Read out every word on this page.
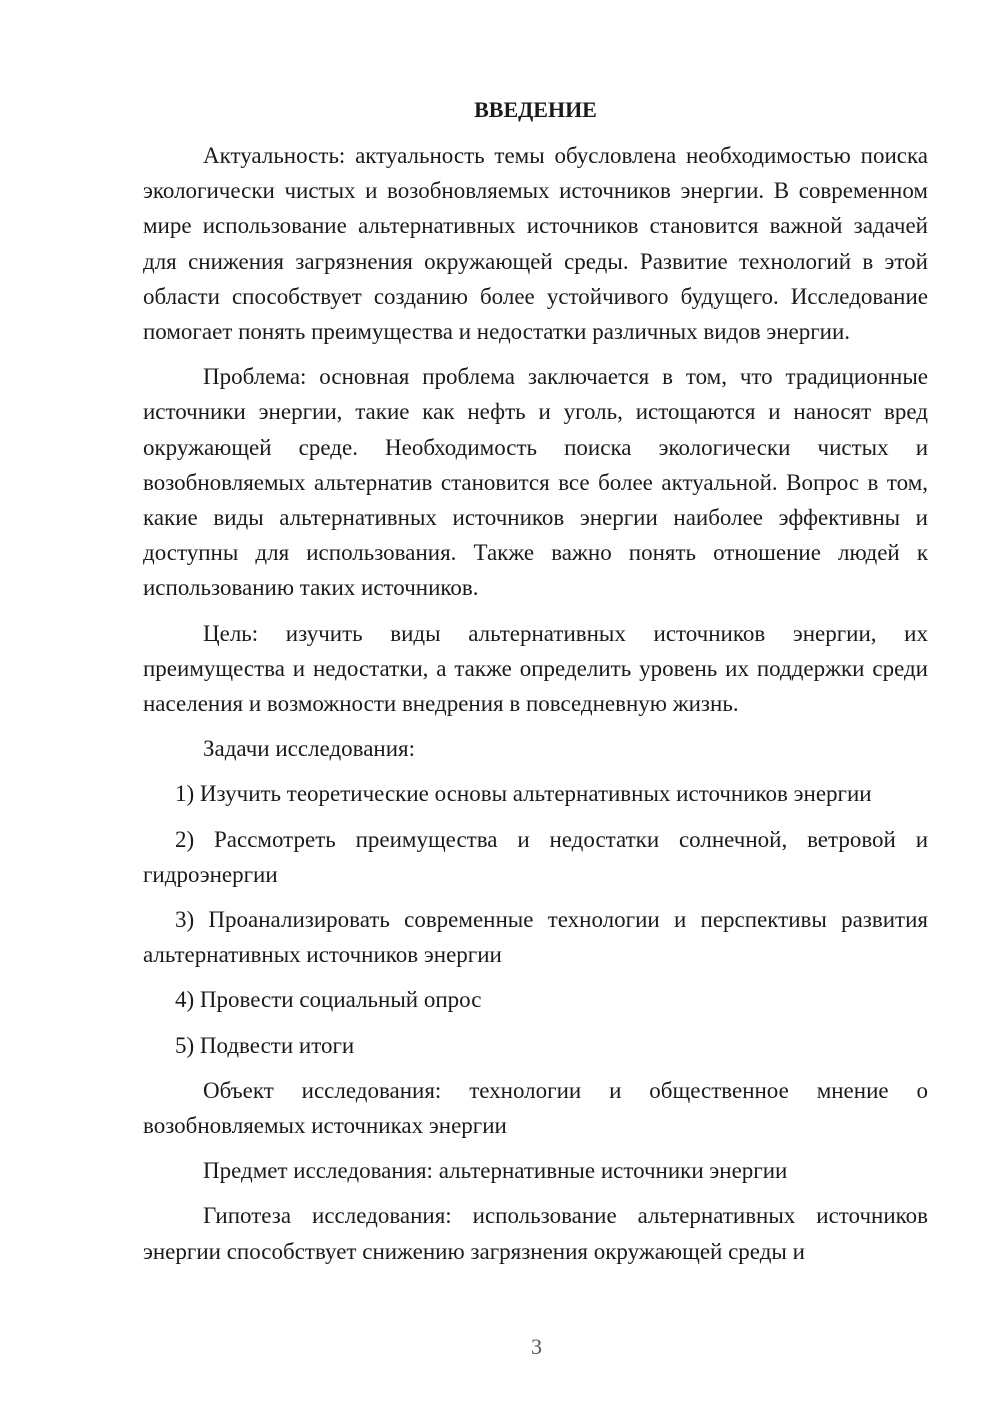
ВВЕДЕНИЕ

Актуальность: актуальность темы обусловлена необходимостью поиска экологически чистых и возобновляемых источников энергии. В современном мире использование альтернативных источников становится важной задачей для снижения загрязнения окружающей среды. Развитие технологий в этой области способствует созданию более устойчивого будущего. Исследование помогает понять преимущества и недостатки различных видов энергии.

Проблема: основная проблема заключается в том, что традиционные источники энергии, такие как нефть и уголь, истощаются и наносят вред окружающей среде. Необходимость поиска экологически чистых и возобновляемых альтернатив становится все более актуальной. Вопрос в том, какие виды альтернативных источников энергии наиболее эффективны и доступны для использования. Также важно понять отношение людей к использованию таких источников.

Цель: изучить виды альтернативных источников энергии, их преимущества и недостатки, а также определить уровень их поддержки среди населения и возможности внедрения в повседневную жизнь.

Задачи исследования:

1) Изучить теоретические основы альтернативных источников энергии

2) Рассмотреть преимущества и недостатки солнечной, ветровой и гидроэнергии

3) Проанализировать современные технологии и перспективы развития альтернативных источников энергии

4) Провести социальный опрос

5) Подвести итоги

Объект исследования: технологии и общественное мнение о возобновляемых источниках энергии

Предмет исследования: альтернативные источники энергии

Гипотеза исследования: использование альтернативных источников энергии способствует снижению загрязнения окружающей среды и

3
